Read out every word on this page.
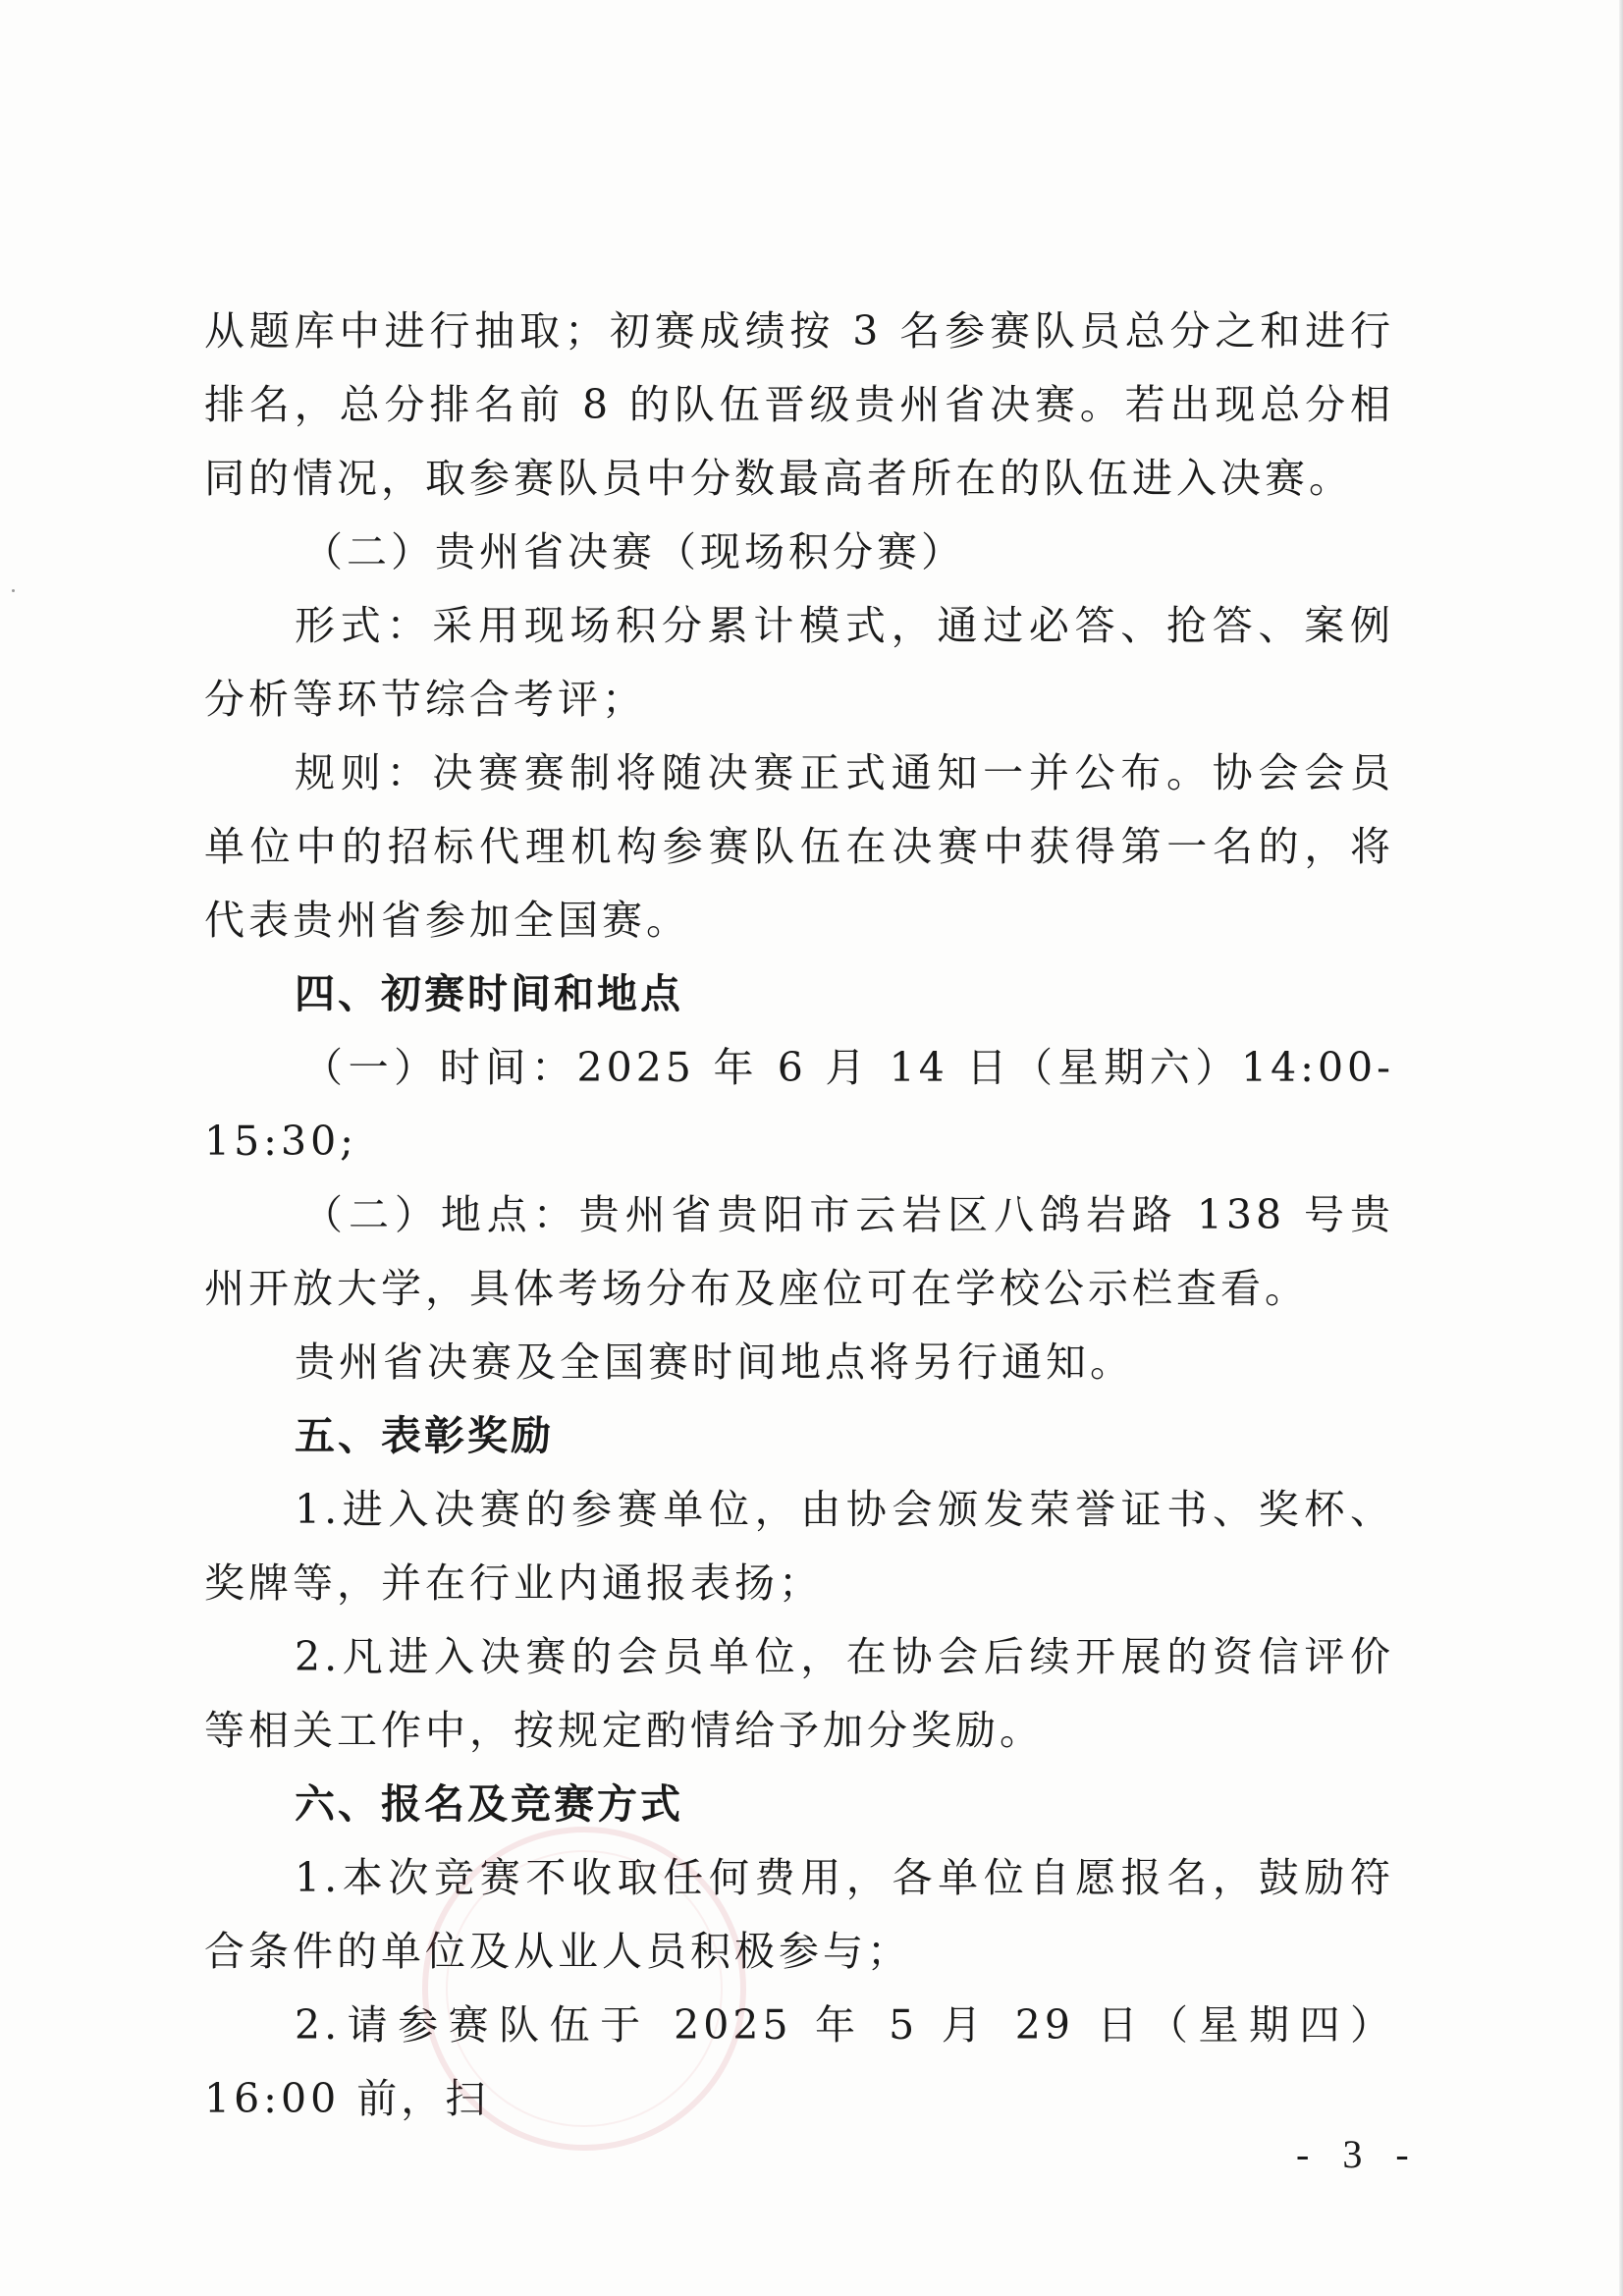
从题库中进行抽取；初赛成绩按 3 名参赛队员总分之和进行排名，总分排名前 8 的队伍晋级贵州省决赛。若出现总分相同的情况，取参赛队员中分数最高者所在的队伍进入决赛。

（二）贵州省决赛（现场积分赛）

形式：采用现场积分累计模式，通过必答、抢答、案例分析等环节综合考评；

规则：决赛赛制将随决赛正式通知一并公布。协会会员单位中的招标代理机构参赛队伍在决赛中获得第一名的，将代表贵州省参加全国赛。

四、初赛时间和地点

（一）时间：2025 年 6 月 14 日（星期六）14:00-15:30;

（二）地点：贵州省贵阳市云岩区八鸽岩路 138 号贵州开放大学，具体考场分布及座位可在学校公示栏查看。

贵州省决赛及全国赛时间地点将另行通知。

五、表彰奖励

1.进入决赛的参赛单位，由协会颁发荣誉证书、奖杯、奖牌等，并在行业内通报表扬；

2.凡进入决赛的会员单位，在协会后续开展的资信评价等相关工作中，按规定酌情给予加分奖励。

六、报名及竞赛方式

1.本次竞赛不收取任何费用，各单位自愿报名，鼓励符合条件的单位及从业人员积极参与；

2.请参赛队伍于 2025 年 5 月 29 日（星期四）16:00 前，扫

- 3 -
